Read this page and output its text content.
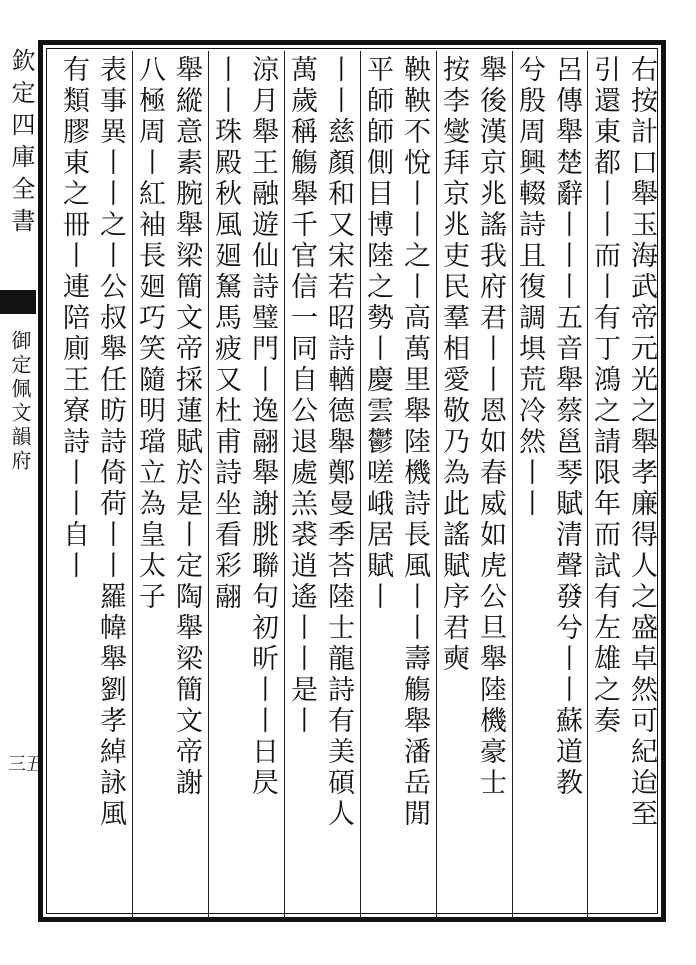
欽定四庫全書
御定佩文韻府
三五	右按計口舉玉海武帝元光之舉孝廉得人之盛卓然可紀迨至
引還東都丨丨而丨有丁鴻之請限年而試有左雄之奏
呂傳舉楚辭丨丨丨五音舉蔡邕琴賦清聲發兮丨丨蘇道教
兮殷周興輟詩且復調埧荒冷然丨丨
舉後漢京兆謠我府君丨丨恩如春威如虎公旦舉陸機豪士
按李燮拜京兆吏民羣相愛敬乃為此謠賦序君奭
鞅鞅不悅丨丨之丨高萬里舉陸機詩長風丨丨壽觴舉潘岳閒
平師師側目博陸之勢丨慶雲鬱嗟峨居賦丨
丨丨慈顏和又宋若昭詩輶德舉鄭曼季荅陸士龍詩有美碩人
萬歲稱觴舉千官信一同自公退處羔裘逍遙丨丨是丨
涼月舉王融遊仙詩璧門丨逸翮舉謝朓聯句初昕丨丨日昃
丨丨珠殿秋風廻駑馬疲又杜甫詩坐看彩翮
舉縱意素腕舉梁簡文帝採蓮賦於是丨定陶舉梁簡文帝謝
八極周丨紅袖長廻巧笑隨明璫立為皇太子
表事異丨丨之丨公叔舉任昉詩倚荷丨丨羅幃舉劉孝綽詠風
有類膠東之冊丨連陪廁王寮詩丨丨自丨
